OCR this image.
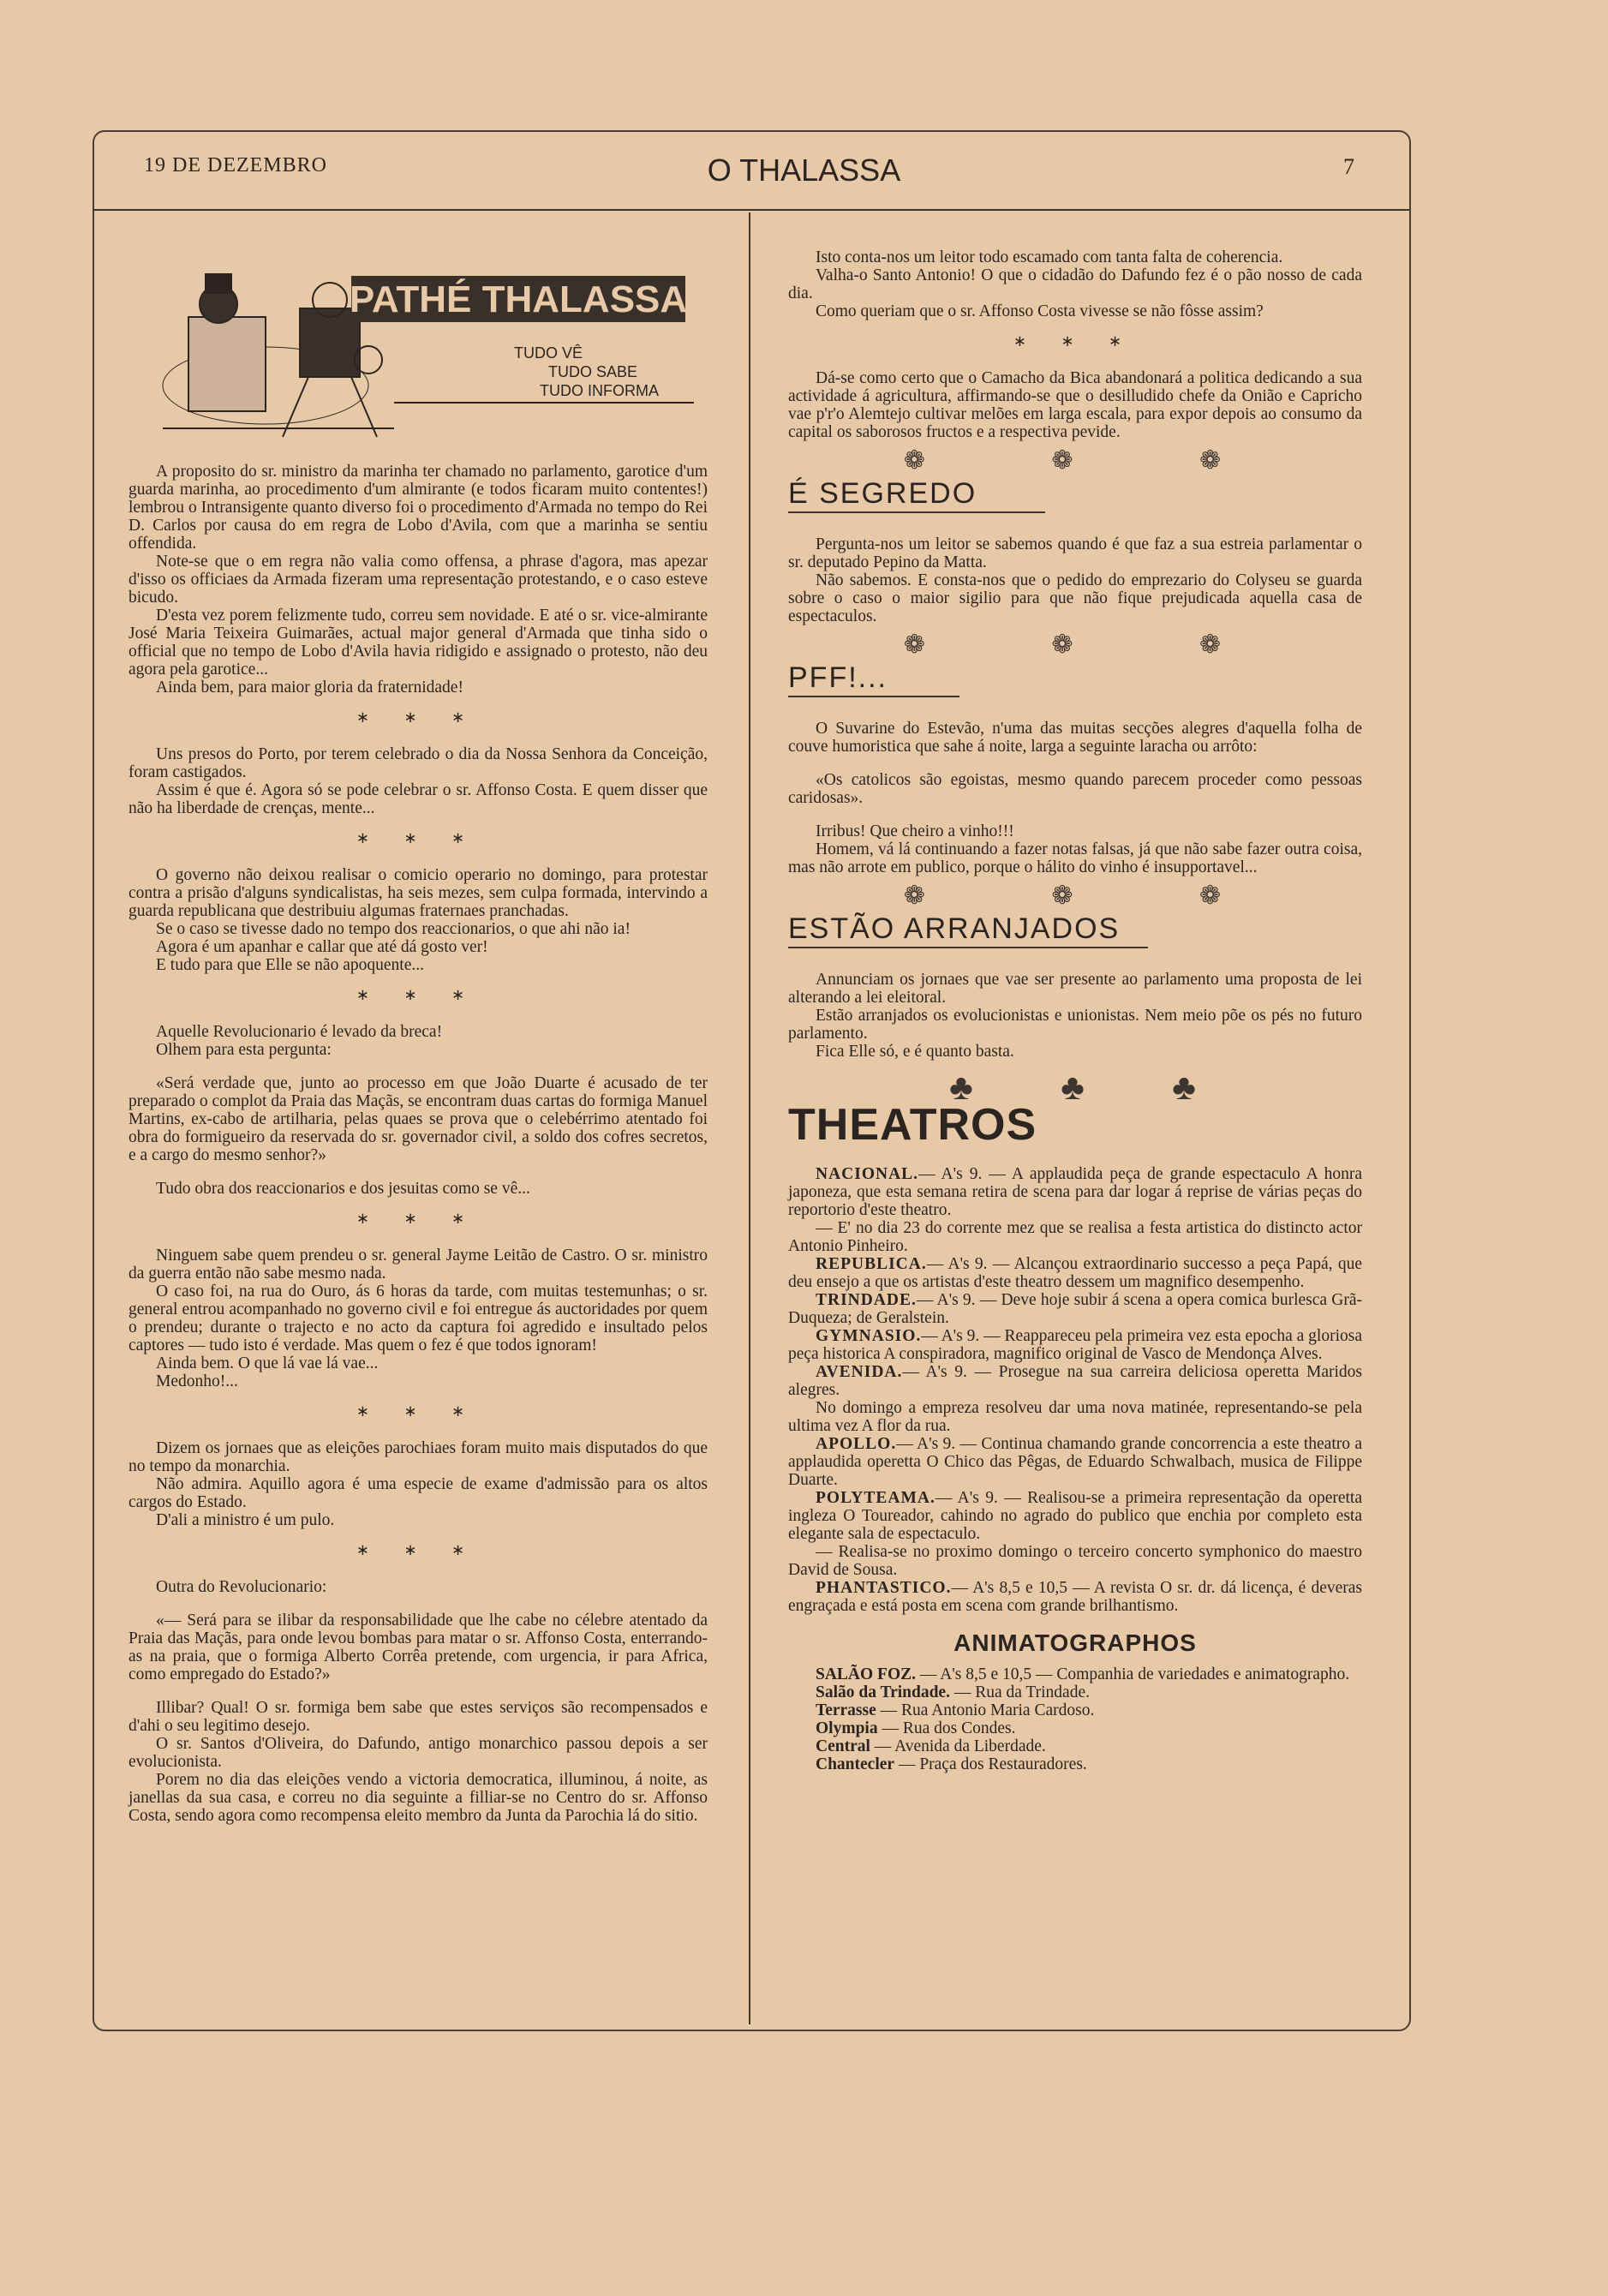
19 DE DEZEMBRO	O THALASSA	7
PATHÉ THALASSA
TUDO VÊ
TUDO SABE
TUDO INFORMA

A proposito do sr. ministro da marinha ter chamado no parlamento, garotice d'um guarda marinha, ao procedimento d'um almirante (e todos ficaram muito contentes!) lembrou o Intransigente quanto diverso foi o procedimento d'Armada no tempo do Rei D. Carlos por causa do em regra de Lobo d'Avila, com que a marinha se sentiu offendida.

Note-se que o em regra não valia como offensa, a phrase d'agora, mas apezar d'isso os officiaes da Armada fizeram uma representação protestando, e o caso esteve bicudo.

D'esta vez porem felizmente tudo, correu sem novidade. E até o sr. vice-almirante José Maria Teixeira Guimarães, actual major general d'Armada que tinha sido o official que no tempo de Lobo d'Avila havia ridigido e assignado o protesto, não deu agora pela garotice...

Ainda bem, para maior gloria da fraternidade!

∗ ∗ ∗

Uns presos do Porto, por terem celebrado o dia da Nossa Senhora da Conceição, foram castigados.

Assim é que é. Agora só se pode celebrar o sr. Affonso Costa. E quem disser que não ha liberdade de crenças, mente...

∗ ∗ ∗

O governo não deixou realisar o comicio operario no domingo, para protestar contra a prisão d'alguns syndicalistas, ha seis mezes, sem culpa formada, intervindo a guarda republicana que destribuiu algumas fraternaes pranchadas.

Se o caso se tivesse dado no tempo dos reaccionarios, o que ahi não ia!

Agora é um apanhar e callar que até dá gosto ver!

E tudo para que Elle se não apoquente...

∗ ∗ ∗

Aquelle Revolucionario é levado da breca!

Olhem para esta pergunta:

«Será verdade que, junto ao processo em que João Duarte é acusado de ter preparado o complot da Praia das Maçãs, se encontram duas cartas do formiga Manuel Martins, ex-cabo de artilharia, pelas quaes se prova que o celebérrimo atentado foi obra do formigueiro da reservada do sr. governador civil, a soldo dos cofres secretos, e a cargo do mesmo senhor?»

Tudo obra dos reaccionarios e dos jesuitas como se vê...

∗ ∗ ∗

Ninguem sabe quem prendeu o sr. general Jayme Leitão de Castro. O sr. ministro da guerra então não sabe mesmo nada.

O caso foi, na rua do Ouro, ás 6 horas da tarde, com muitas testemunhas; o sr. general entrou acompanhado no governo civil e foi entregue ás auctoridades por quem o prendeu; durante o trajecto e no acto da captura foi agredido e insultado pelos captores — tudo isto é verdade. Mas quem o fez é que todos ignoram!

Ainda bem. O que lá vae lá vae...

Medonho!...

∗ ∗ ∗

Dizem os jornaes que as eleições parochiaes foram muito mais disputados do que no tempo da monarchia.

Não admira. Aquillo agora é uma especie de exame d'admissão para os altos cargos do Estado.

D'ali a ministro é um pulo.

∗ ∗ ∗

Outra do Revolucionario:

«— Será para se ilibar da responsabilidade que lhe cabe no célebre atentado da Praia das Maçãs, para onde levou bombas para matar o sr. Affonso Costa, enterrando-as na praia, que o formiga Alberto Corrêa pretende, com urgencia, ir para Africa, como empregado do Estado?»

Illibar? Qual! O sr. formiga bem sabe que estes serviços são recompensados e d'ahi o seu legitimo desejo.

O sr. Santos d'Oliveira, do Dafundo, antigo monarchico passou depois a ser evolucionista.

Porem no dia das eleições vendo a victoria democratica, illuminou, á noite, as janellas da sua casa, e correu no dia seguinte a filliar-se no Centro do sr. Affonso Costa, sendo agora como recompensa eleito membro da Junta da Parochia lá do sitio.

Isto conta-nos um leitor todo escamado com tanta falta de coherencia.

Valha-o Santo Antonio! O que o cidadão do Dafundo fez é o pão nosso de cada dia.

Como queriam que o sr. Affonso Costa vivesse se não fôsse assim?

∗ ∗ ∗

Dá-se como certo que o Camacho da Bica abandonará a politica dedicando a sua actividade á agricultura, affirmando-se que o desilludido chefe da Onião e Capricho vae p'r'o Alemtejo cultivar melões em larga escala, para expor depois ao consumo da capital os saborosos fructos e a respectiva pevide.

❁ ❁ ❁
É SEGREDO

Pergunta-nos um leitor se sabemos quando é que faz a sua estreia parlamentar o sr. deputado Pepino da Matta.

Não sabemos. E consta-nos que o pedido do emprezario do Colyseu se guarda sobre o caso o maior sigilio para que não fique prejudicada aquella casa de espectaculos.

❁ ❁ ❁
PFF!...

O Suvarine do Estevão, n'uma das muitas secções alegres d'aquella folha de couve humoristica que sahe á noite, larga a seguinte laracha ou arrôto:

«Os catolicos são egoistas, mesmo quando parecem proceder como pessoas caridosas».

Irribus! Que cheiro a vinho!!!

Homem, vá lá continuando a fazer notas falsas, já que não sabe fazer outra coisa, mas não arrote em publico, porque o hálito do vinho é insupportavel...

❁ ❁ ❁
ESTÃO ARRANJADOS

Annunciam os jornaes que vae ser presente ao parlamento uma proposta de lei alterando a lei eleitoral.

Estão arranjados os evolucionistas e unionistas. Nem meio põe os pés no futuro parlamento.

Fica Elle só, e é quanto basta.

♣ ♣ ♣
THEATROS

NACIONAL.— A's 9. — A applaudida peça de grande espectaculo A honra japoneza, que esta semana retira de scena para dar logar á reprise de várias peças do reportorio d'este theatro.

— E' no dia 23 do corrente mez que se realisa a festa artistica do distincto actor Antonio Pinheiro.

REPUBLICA.— A's 9. — Alcançou extraordinario successo a peça Papá, que deu ensejo a que os artistas d'este theatro dessem um magnifico desempenho.

TRINDADE.— A's 9. — Deve hoje subir á scena a opera comica burlesca Grã-Duqueza; de Geralstein.

GYMNASIO.— A's 9. — Reappareceu pela primeira vez esta epocha a gloriosa peça historica A conspiradora, magnifico original de Vasco de Mendonça Alves.

AVENIDA.— A's 9. — Prosegue na sua carreira deliciosa operetta Maridos alegres.

No domingo a empreza resolveu dar uma nova matinée, representando-se pela ultima vez A flor da rua.

APOLLO.— A's 9. — Continua chamando grande concorrencia a este theatro a applaudida operetta O Chico das Pêgas, de Eduardo Schwalbach, musica de Filippe Duarte.

POLYTEAMA.— A's 9. — Realisou-se a primeira representação da operetta ingleza O Toureador, cahindo no agrado do publico que enchia por completo esta elegante sala de espectaculo.

— Realisa-se no proximo domingo o terceiro concerto symphonico do maestro David de Sousa.

PHANTASTICO.— A's 8,5 e 10,5 — A revista O sr. dr. dá licença, é deveras engraçada e está posta em scena com grande brilhantismo.

ANIMATOGRAPHOS

SALÃO FOZ. — A's 8,5 e 10,5 — Companhia de variedades e animatographo.

Salão da Trindade. — Rua da Trindade.

Terrasse — Rua Antonio Maria Cardoso.

Olympia — Rua dos Condes.

Central — Avenida da Liberdade.

Chantecler — Praça dos Restauradores.
